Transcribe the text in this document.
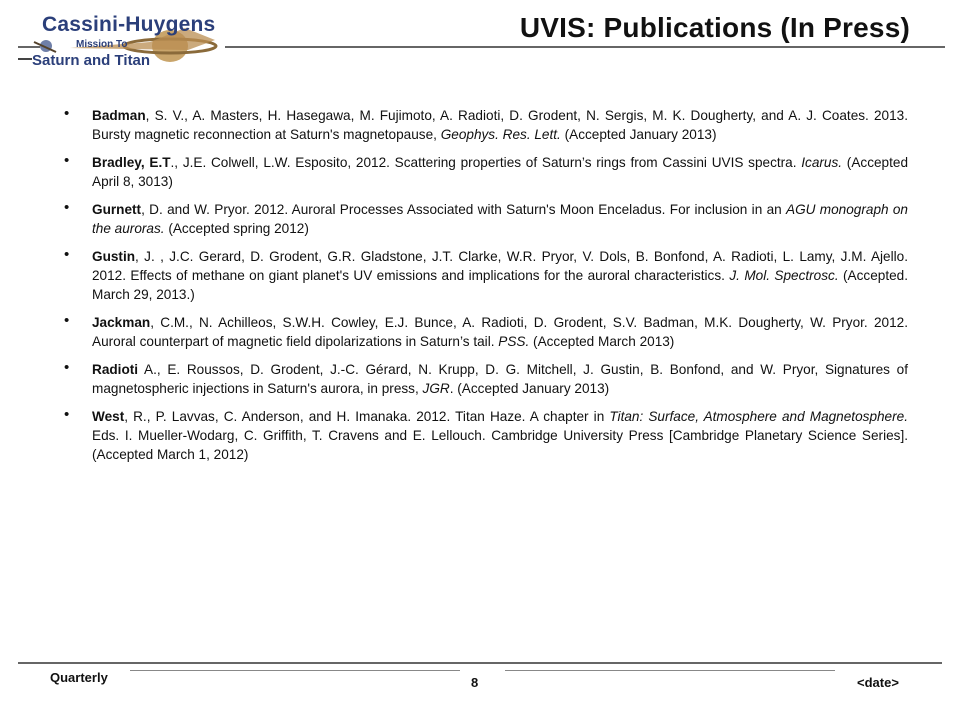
Cassini-Huygens
Mission To
Saturn and Titan
UVIS: Publications (In Press)
• Badman, S. V., A. Masters, H. Hasegawa, M. Fujimoto, A. Radioti, D. Grodent, N. Sergis, M. K. Dougherty, and A. J. Coates. 2013. Bursty magnetic reconnection at Saturn's magnetopause, Geophys. Res. Lett. (Accepted January 2013)
• Bradley, E.T., J.E. Colwell, L.W. Esposito, 2012. Scattering properties of Saturn’s rings from Cassini UVIS spectra. Icarus. (Accepted April 8, 3013)
• Gurnett, D. and W. Pryor. 2012. Auroral Processes Associated with Saturn's Moon Enceladus. For inclusion in an AGU monograph on the auroras. (Accepted spring 2012)
• Gustin, J. , J.C. Gerard, D. Grodent, G.R. Gladstone, J.T. Clarke, W.R. Pryor, V. Dols, B. Bonfond, A. Radioti, L. Lamy, J.M. Ajello. 2012. Effects of methane on giant planet's UV emissions and implications for the auroral characteristics. J. Mol. Spectrosc. (Accepted. March 29, 2013.)
• Jackman, C.M., N. Achilleos, S.W.H. Cowley, E.J. Bunce, A. Radioti, D. Grodent, S.V. Badman, M.K. Dougherty, W. Pryor. 2012. Auroral counterpart of magnetic field dipolarizations in Saturn’s tail. PSS. (Accepted March 2013)
• Radioti A., E. Roussos, D. Grodent, J.-C. Gérard, N. Krupp, D. G. Mitchell, J. Gustin, B. Bonfond, and W. Pryor, Signatures of magnetospheric injections in Saturn's aurora, in press, JGR. (Accepted January 2013)
• West, R., P. Lavvas, C. Anderson, and H. Imanaka. 2012. Titan Haze. A chapter in Titan: Surface, Atmosphere and Magnetosphere. Eds. I. Mueller-Wodarg, C. Griffith, T. Cravens and E. Lellouch. Cambridge University Press [Cambridge Planetary Science Series]. (Accepted March 1, 2012)
Quarterly	8	<date>
